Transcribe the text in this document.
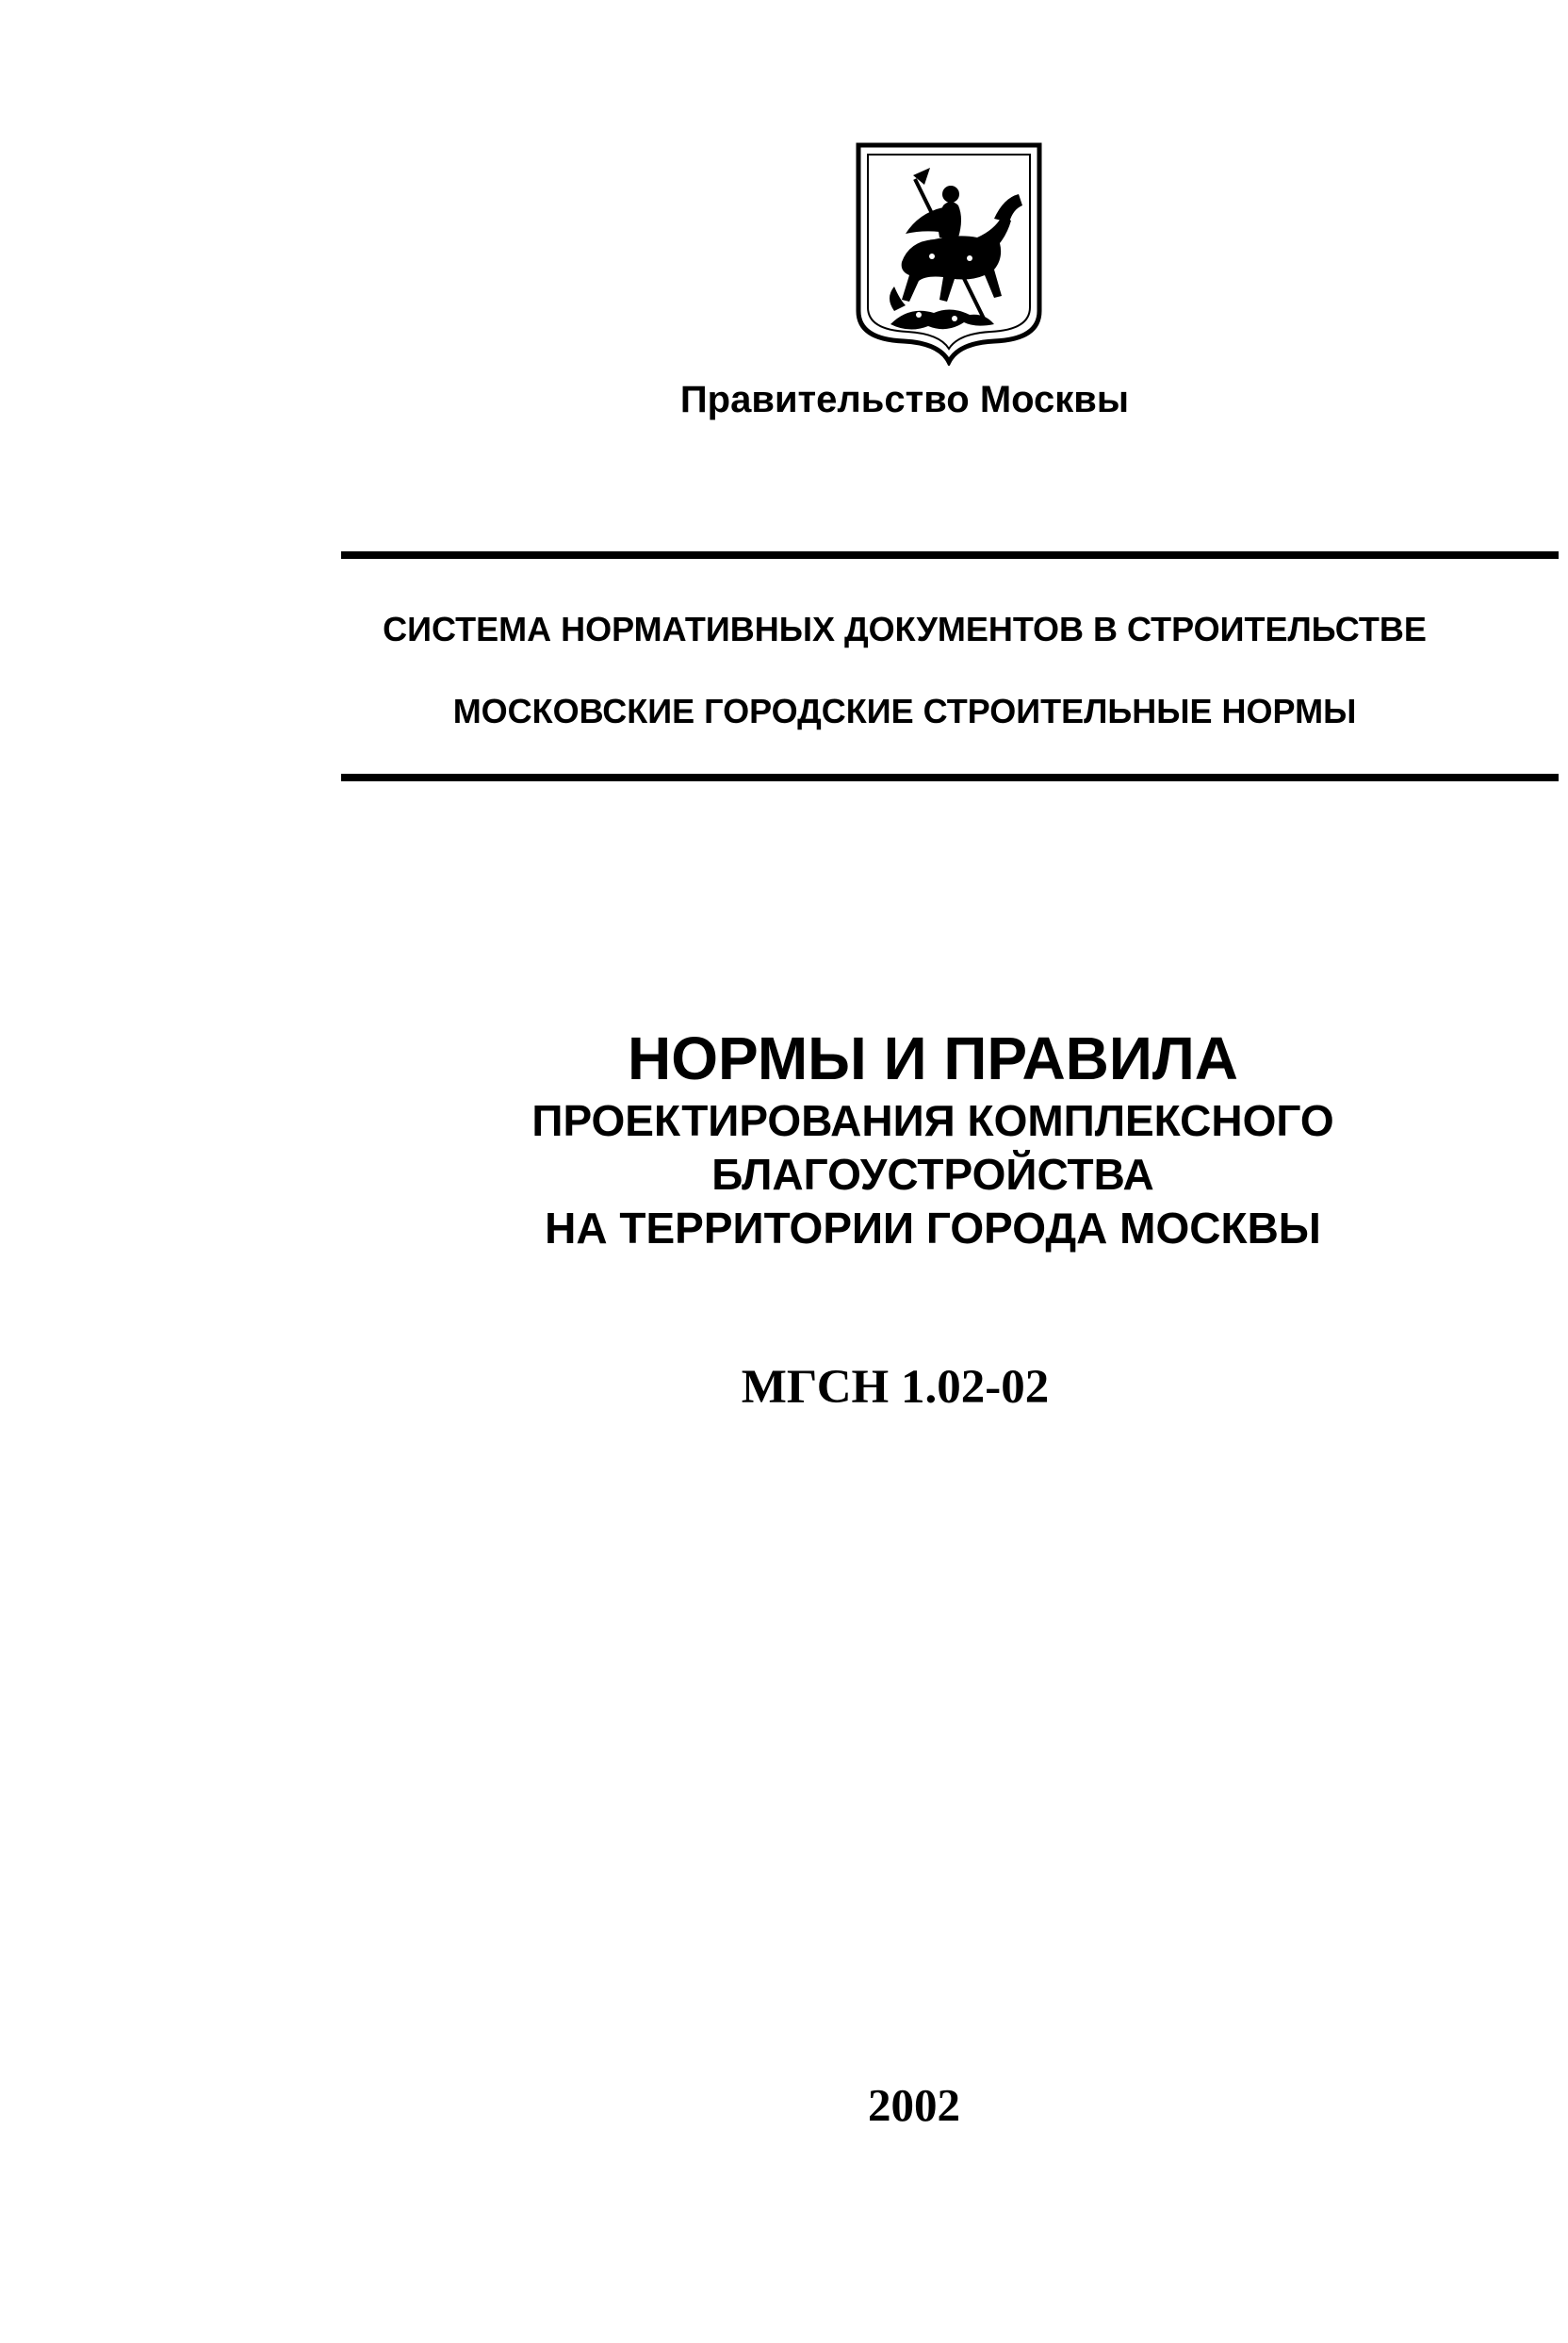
Правительство Москвы
СИСТЕМА НОРМАТИВНЫХ ДОКУМЕНТОВ В СТРОИТЕЛЬСТВЕ
МОСКОВСКИЕ ГОРОДСКИЕ СТРОИТЕЛЬНЫЕ НОРМЫ
НОРМЫ И ПРАВИЛА
ПРОЕКТИРОВАНИЯ КОМПЛЕКСНОГО
БЛАГОУСТРОЙСТВА
НА ТЕРРИТОРИИ ГОРОДА МОСКВЫ
МГСН 1.02-02
2002
